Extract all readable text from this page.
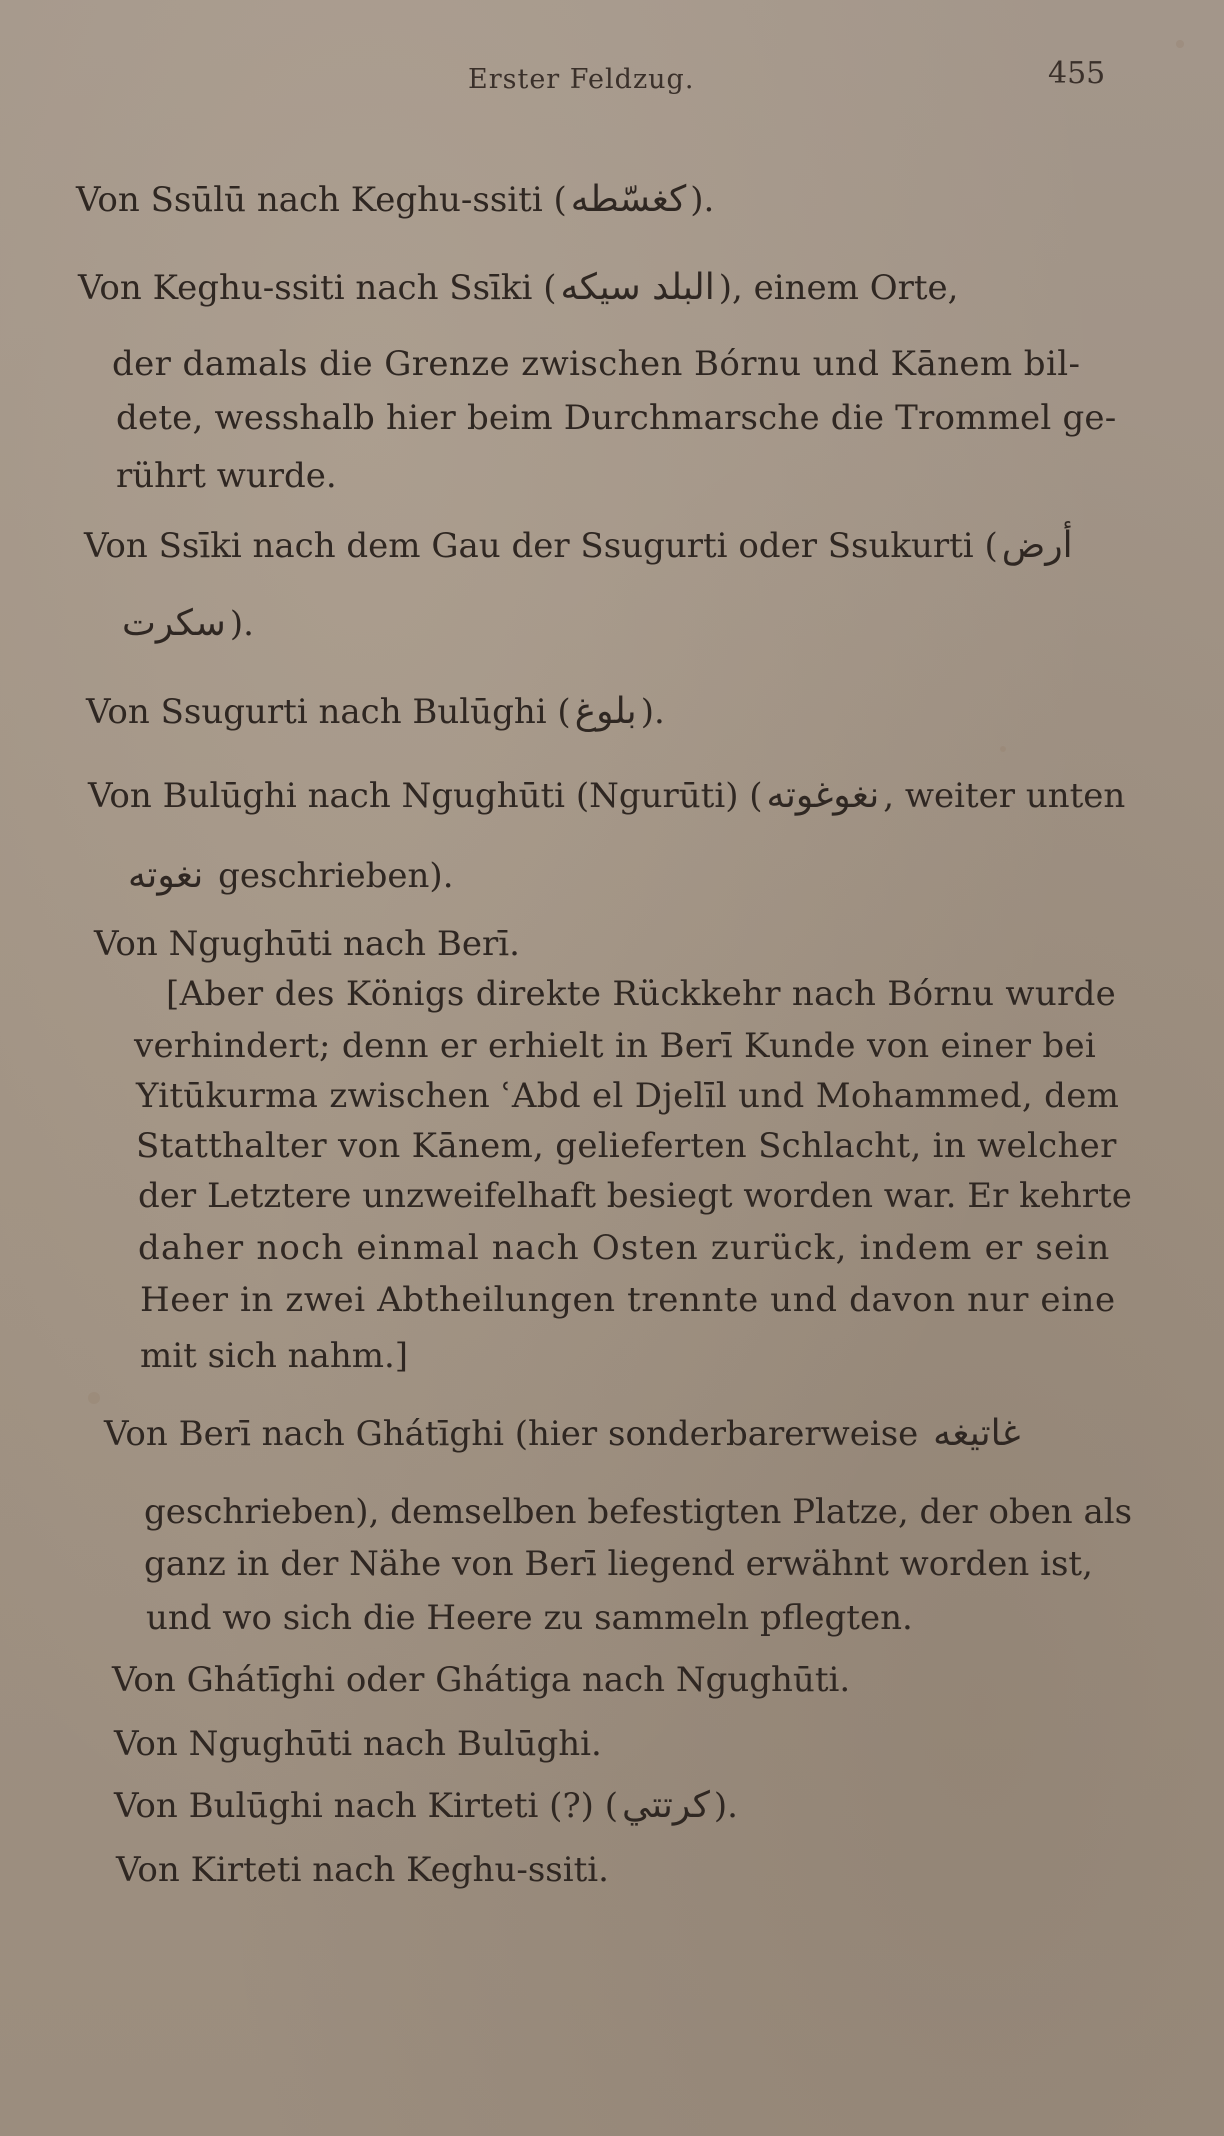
Erster Feldzug.	455
Von Ssūlū nach Keghu-ssiti ( كغسّطه ).
Von Keghu-ssiti nach Ssīki ( البلد سيكه ), einem Orte,
der damals die Grenze zwischen Bórnu und Kānem bil-
dete, wesshalb hier beim Durchmarsche die Trommel ge-
rührt wurde.
Von Ssīki nach dem Gau der Ssugurti oder Ssukurti ( أرض
سكرت ).
Von Ssugurti nach Bulūghi ( بلوغ ).
Von Bulūghi nach Ngughūti (Ngurūti) ( نغوغوته , weiter unten
نغوته geschrieben).
Von Ngughūti nach Berī.
[Aber des Königs direkte Rückkehr nach Bórnu wurde
verhindert; denn er erhielt in Berī Kunde von einer bei
Yitūkurma zwischen ʿAbd el Djelīl und Mohammed, dem
Statthalter von Kānem, gelieferten Schlacht, in welcher
der Letztere unzweifelhaft besiegt worden war. Er kehrte
daher noch einmal nach Osten zurück, indem er sein
Heer in zwei Abtheilungen trennte und davon nur eine
mit sich nahm.]
Von Berī nach Ghátīghi (hier sonderbarerweise غاتيغه
geschrieben), demselben befestigten Platze, der oben als
ganz in der Nähe von Berī liegend erwähnt worden ist,
und wo sich die Heere zu sammeln pflegten.
Von Ghátīghi oder Ghátiga nach Ngughūti.
Von Ngughūti nach Bulūghi.
Von Bulūghi nach Kirteti (?) ( كرتتي ).
Von Kirteti nach Keghu-ssiti.
